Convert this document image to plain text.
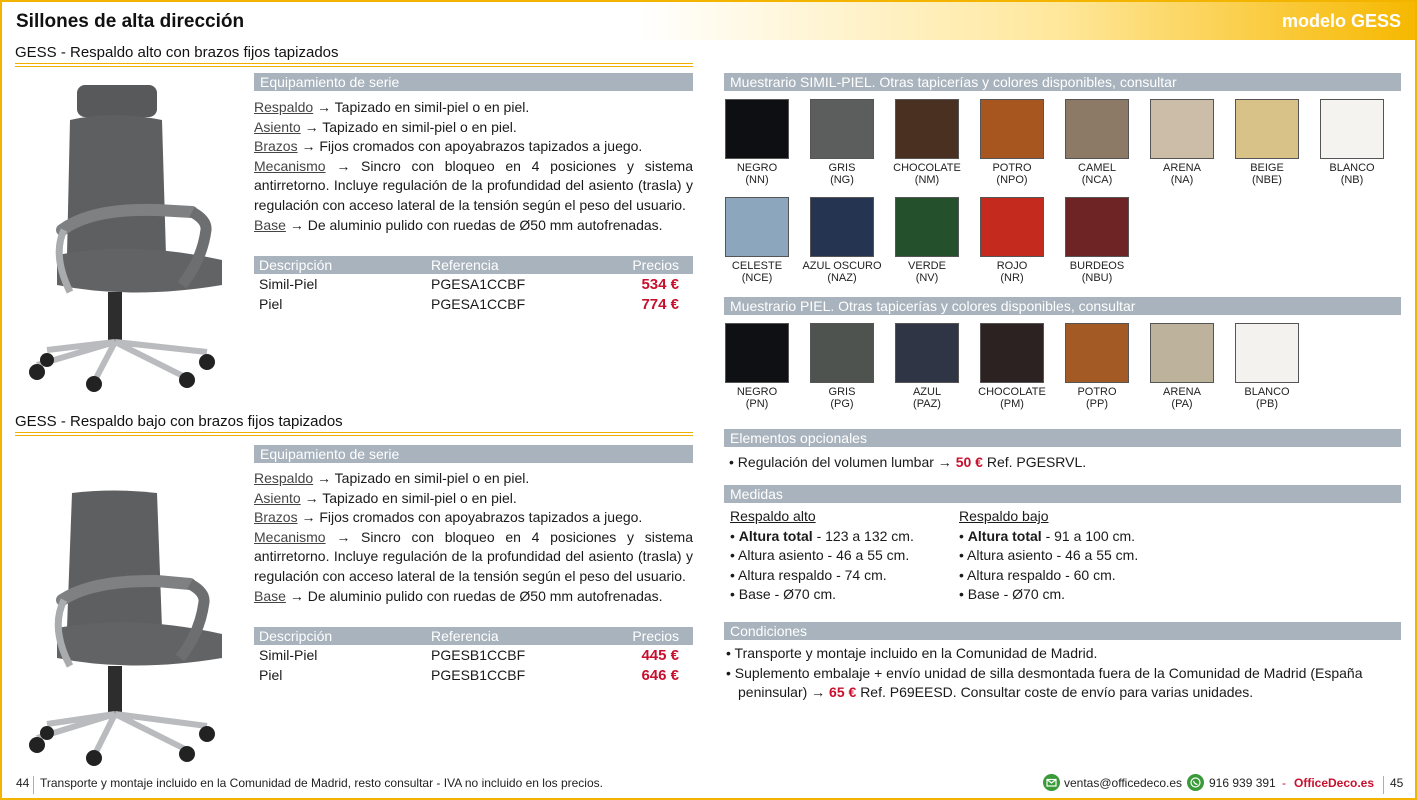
Sillones de alta dirección	modelo GESS
GESS - Respaldo alto con brazos fijos tapizados
Equipamiento de serie

Respaldo → Tapizado en simil-piel o en piel.

Asiento → Tapizado en simil-piel o en piel.

Brazos → Fijos cromados con apoyabrazos tapizados a juego.

Mecanismo → Sincro con bloqueo en 4 posiciones y sistema antirretorno. Incluye regulación de la profundidad del asiento (trasla) y regulación con acceso lateral de la tensión según el peso del usuario.

Base → De aluminio pulido con ruedas de Ø50 mm autofrenadas.

Descripción	Referencia	Precios
Simil-Piel	PGESA1CCBF	534 €
Piel	PGESA1CCBF	774 €
GESS - Respaldo bajo con brazos fijos tapizados
Equipamiento de serie

Respaldo → Tapizado en simil-piel o en piel.

Asiento → Tapizado en simil-piel o en piel.

Brazos → Fijos cromados con apoyabrazos tapizados a juego.

Mecanismo → Sincro con bloqueo en 4 posiciones y sistema antirretorno. Incluye regulación de la profundidad del asiento (trasla) y regulación con acceso lateral de la tensión según el peso del usuario.

Base → De aluminio pulido con ruedas de Ø50 mm autofrenadas.

Descripción	Referencia	Precios
Simil-Piel	PGESB1CCBF	445 €
Piel	PGESB1CCBF	646 €
Muestrario SIMIL-PIEL. Otras tapicerías y colores disponibles, consultar
NEGRO
(NN)
GRIS
(NG)
CHOCOLATE
(NM)
POTRO
(NPO)
CAMEL
(NCA)
ARENA
(NA)
BEIGE
(NBE)
BLANCO
(NB)
CELESTE
(NCE)
AZUL OSCURO
(NAZ)
VERDE
(NV)
ROJO
(NR)
BURDEOS
(NBU)
Muestrario PIEL. Otras tapicerías y colores disponibles, consultar
NEGRO
(PN)
GRIS
(PG)
AZUL
(PAZ)
CHOCOLATE
(PM)
POTRO
(PP)
ARENA
(PA)
BLANCO
(PB)
Elementos opcionales
• Regulación del volumen lumbar → 50 € Ref. PGESRVL.
Medidas
Respaldo alto
• Altura total - 123 a 132 cm.
• Altura asiento - 46 a 55 cm.
• Altura respaldo - 74 cm.
• Base - Ø70 cm.
Respaldo bajo
• Altura total - 91 a 100 cm.
• Altura asiento - 46 a 55 cm.
• Altura respaldo - 60 cm.
• Base - Ø70 cm.
Condiciones
• Transporte y montaje incluido en la Comunidad de Madrid.
• Suplemento embalaje + envío unidad de silla desmontada fuera de la Comunidad de Madrid (España
peninsular) → 65 € Ref. P69EESD. Consultar coste de envío para varias unidades.
44 Transporte y montaje incluido en la Comunidad de Madrid, resto consultar - IVA no incluido en los precios.	ventas@officedeco.es 916 939 391 - OfficeDeco.es	45
